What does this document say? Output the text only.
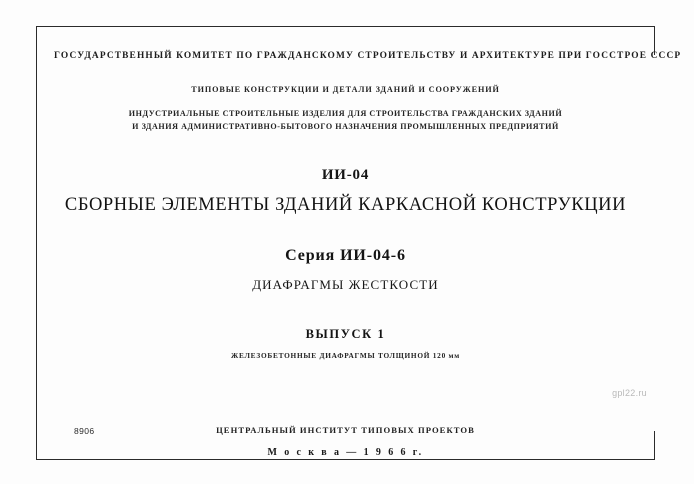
ГОСУДАРСТВЕННЫЙ КОМИТЕТ ПО ГРАЖДАНСКОМУ СТРОИТЕЛЬСТВУ И АРХИТЕКТУРЕ ПРИ ГОССТРОЕ СССР
ТИПОВЫЕ КОНСТРУКЦИИ И ДЕТАЛИ ЗДАНИЙ И СООРУЖЕНИЙ
ИНДУСТРИАЛЬНЫЕ СТРОИТЕЛЬНЫЕ ИЗДЕЛИЯ ДЛЯ СТРОИТЕЛЬСТВА ГРАЖДАНСКИХ ЗДАНИЙ
И ЗДАНИЯ АДМИНИСТРАТИВНО-БЫТОВОГО НАЗНАЧЕНИЯ ПРОМЫШЛЕННЫХ ПРЕДПРИЯТИЙ
ИИ-04
СБОРНЫЕ ЭЛЕМЕНТЫ ЗДАНИЙ КАРКАСНОЙ КОНСТРУКЦИИ
Серия ИИ-04-6
ДИАФРАГМЫ ЖЕСТКОСТИ
ВЫПУСК 1
ЖЕЛЕЗОБЕТОННЫЕ ДИАФРАГМЫ ТОЛЩИНОЙ 120 мм
8906
gpl22.ru
ЦЕНТРАЛЬНЫЙ ИНСТИТУТ ТИПОВЫХ ПРОЕКТОВ
М о с к в а — 1 9 6 6 г.
